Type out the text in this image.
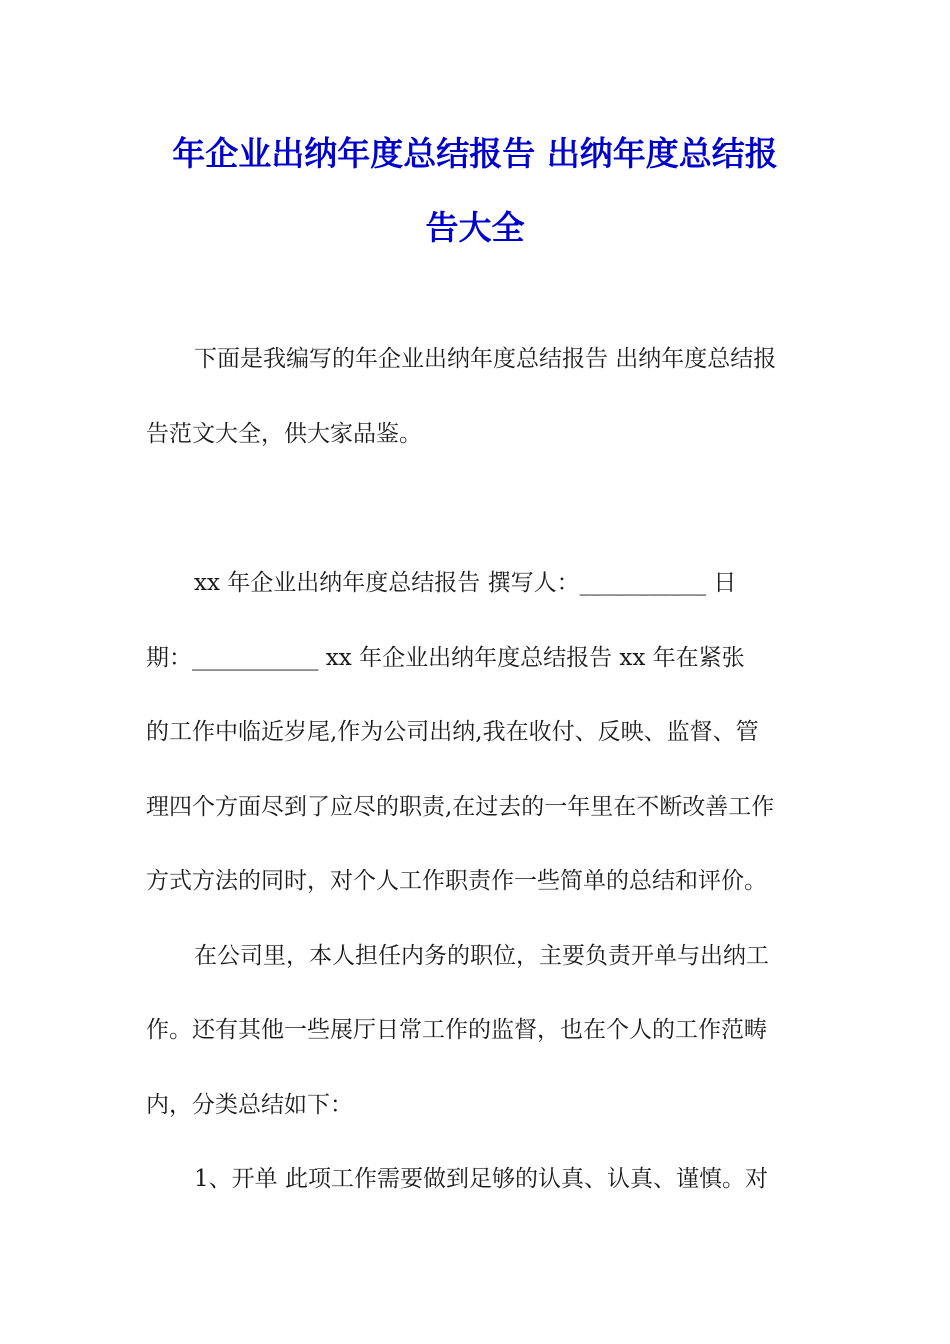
年企业出纳年度总结报告 出纳年度总结报
告大全
下面是我编写的年企业出纳年度总结报告 出纳年度总结报
告范文大全，供大家品鉴。
xx 年企业出纳年度总结报告 撰写人：___________ 日
期：___________ xx 年企业出纳年度总结报告 xx 年在紧张
的工作中临近岁尾,作为公司出纳,我在收付、反映、监督、管
理四个方面尽到了应尽的职责,在过去的一年里在不断改善工作
方式方法的同时，对个人工作职责作一些简单的总结和评价。
在公司里，本人担任内务的职位，主要负责开单与出纳工
作。还有其他一些展厅日常工作的监督，也在个人的工作范畴
内，分类总结如下：
1、开单 此项工作需要做到足够的认真、认真、谨慎。对
